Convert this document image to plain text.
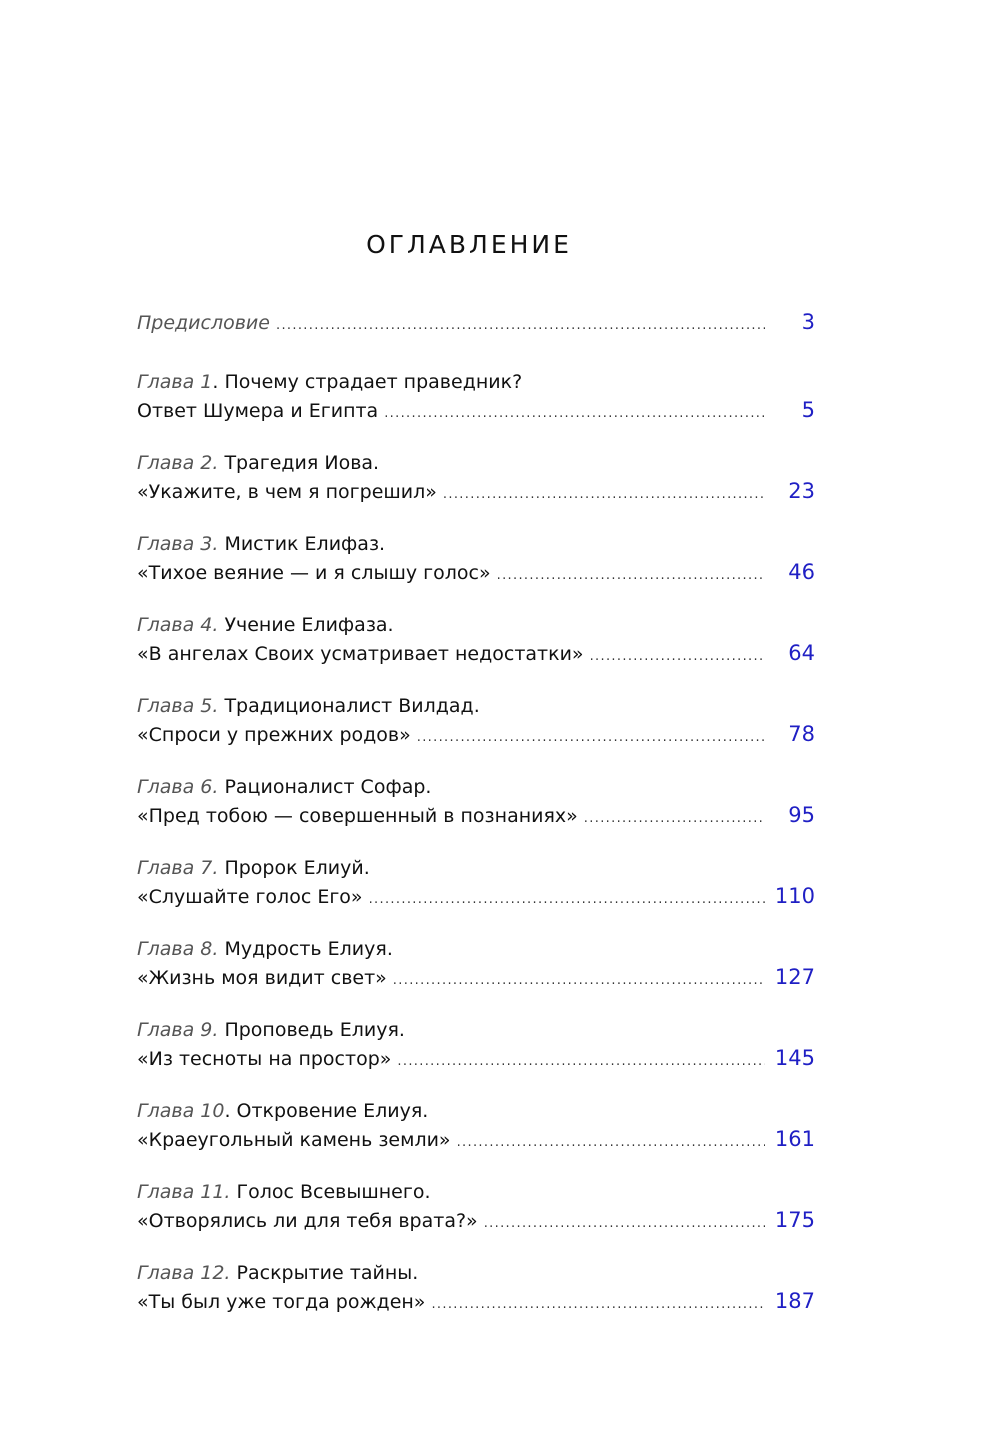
ОГЛАВЛЕНИЕ
Предисловие . . .	3
Глава 1. Почему страдает праведник?
Ответ Шумера и Египта . . .	5
Глава 2. Трагедия Иова.
«Укажите, в чем я погрешил» . . .	23
Глава 3. Мистик Елифаз.
«Тихое веяние — и я слышу голос» . . .	46
Глава 4. Учение Елифаза.
«В ангелах Своих усматривает недостатки» . . .	64
Глава 5. Традиционалист Вилдад.
«Спроси у прежних родов» . . .	78
Глава 6. Рационалист Софар.
«Пред тобою — совершенный в познаниях» . . .	95
Глава 7. Пророк Елиуй.
«Слушайте голос Его» . . .	110
Глава 8. Мудрость Елиуя.
«Жизнь моя видит свет» . . .	127
Глава 9. Проповедь Елиуя.
«Из тесноты на простор» . . .	145
Глава 10. Откровение Елиуя.
«Краеугольный камень земли» . . .	161
Глава 11. Голос Всевышнего.
«Отворялись ли для тебя врата?» . . .	175
Глава 12. Раскрытие тайны.
«Ты был уже тогда рожден» . . .	187
